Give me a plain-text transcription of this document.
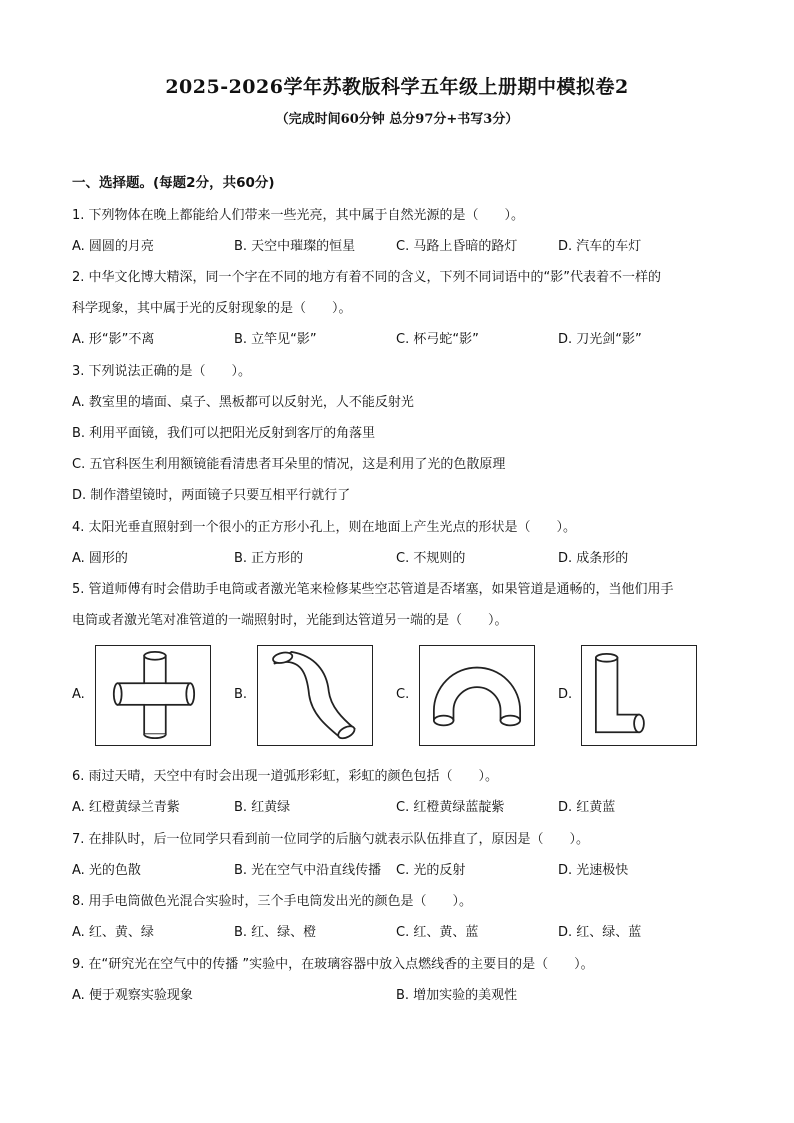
2025-2026学年苏教版科学五年级上册期中模拟卷2
（完成时间60分钟 总分97分+书写3分）
一、选择题。(每题2分，共60分)
1. 下列物体在晚上都能给人们带来一些光亮，其中属于自然光源的是（　　）。
A. 圆圆的月亮	B. 天空中璀璨的恒星	C. 马路上昏暗的路灯	D. 汽车的车灯
2. 中华文化博大精深，同一个字在不同的地方有着不同的含义，下列不同词语中的“影”代表着不一样的
科学现象，其中属于光的反射现象的是（　　）。
A. 形“影”不离	B. 立竿见“影”	C. 杯弓蛇“影”	D. 刀光剑“影”
3. 下列说法正确的是（　　）。
A. 教室里的墙面、桌子、黑板都可以反射光，人不能反射光
B. 利用平面镜，我们可以把阳光反射到客厅的角落里
C. 五官科医生利用额镜能看清患者耳朵里的情况，这是利用了光的色散原理
D. 制作潜望镜时，两面镜子只要互相平行就行了
4. 太阳光垂直照射到一个很小的正方形小孔上，则在地面上产生光点的形状是（　　）。
A. 圆形的	B. 正方形的	C. 不规则的	D. 成条形的
5. 管道师傅有时会借助手电筒或者激光笔来检修某些空芯管道是否堵塞，如果管道是通畅的，当他们用手
电筒或者激光笔对准管道的一端照射时，光能到达管道另一端的是（　　）。
A.	B.	C.	D.
6. 雨过天晴，天空中有时会出现一道弧形彩虹，彩虹的颜色包括（　　）。
A. 红橙黄绿兰青紫	B. 红黄绿	C. 红橙黄绿蓝靛紫	D. 红黄蓝
7. 在排队时，后一位同学只看到前一位同学的后脑勺就表示队伍排直了，原因是（　　）。
A. 光的色散	B. 光在空气中沿直线传播 C. 光的反射	D. 光速极快
8. 用手电筒做色光混合实验时，三个手电筒发出光的颜色是（　　）。
A. 红、黄、绿	B. 红、绿、橙	C. 红、黄、蓝	D. 红、绿、蓝
9. 在“研究光在空气中的传播 ”实验中，在玻璃容器中放入点燃线香的主要目的是（　　）。
A. 便于观察实验现象	B. 增加实验的美观性
